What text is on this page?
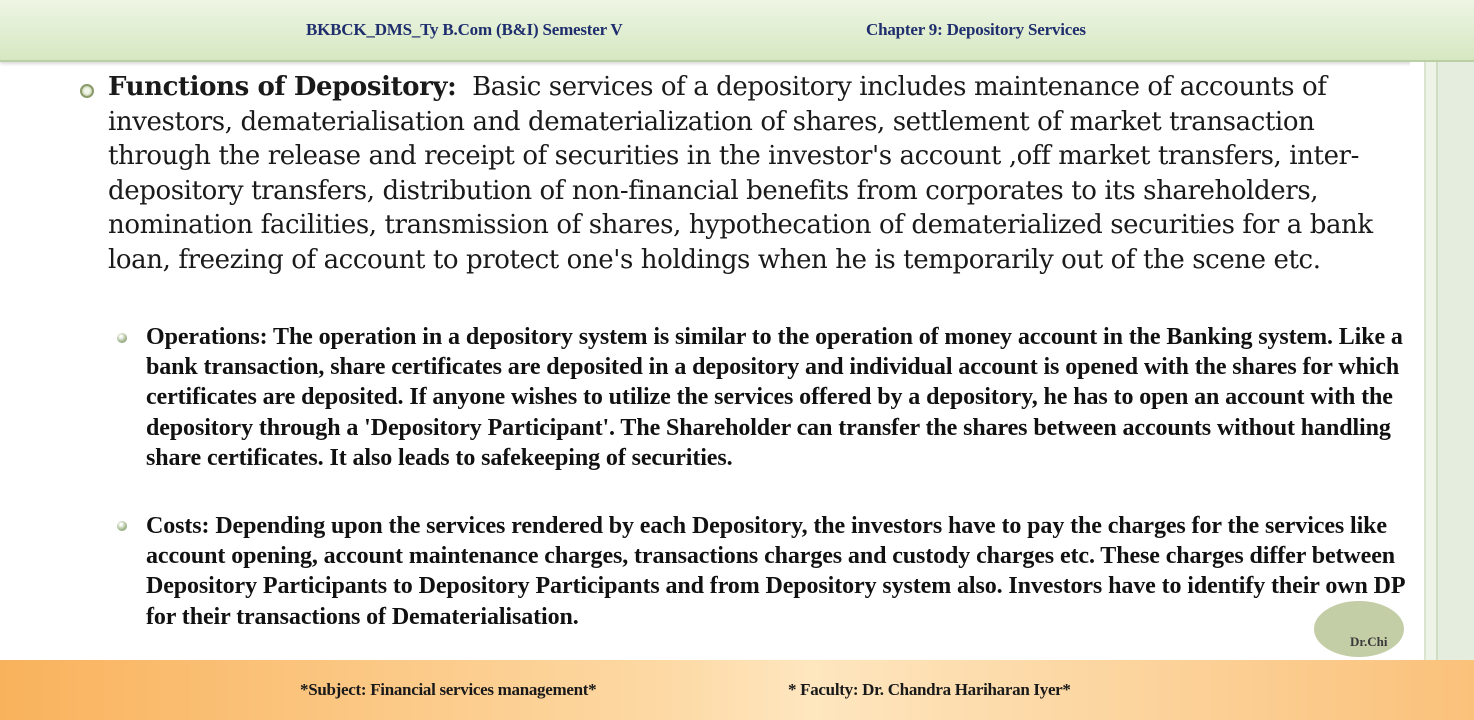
BKBCK_DMS_Ty B.Com (B&I) Semester V	Chapter 9: Depository Services
Functions of Depository: Basic services of a depository includes maintenance of accounts of investors, dematerialisation and dematerialization of shares, settlement of market transaction through the release and receipt of securities in the investor's account ,off market transfers, inter-depository transfers, distribution of non-financial benefits from corporates to its shareholders, nomination facilities, transmission of shares, hypothecation of dematerialized securities for a bank loan, freezing of account to protect one's holdings when he is temporarily out of the scene etc.
Operations: The operation in a depository system is similar to the operation of money account in the Banking system. Like a bank transaction, share certificates are deposited in a depository and individual account is opened with the shares for which certificates are deposited. If anyone wishes to utilize the services offered by a depository, he has to open an account with the depository through a 'Depository Participant'. The Shareholder can transfer the shares between accounts without handling share certificates. It also leads to safekeeping of securities.
Costs: Depending upon the services rendered by each Depository, the investors have to pay the charges for the services like account opening, account maintenance charges, transactions charges and custody charges etc. These charges differ between Depository Participants to Depository Participants and from Depository system also. Investors have to identify their own DP for their transactions of Dematerialisation.
Dr.Chi
*Subject: Financial services management*	* Faculty: Dr. Chandra Hariharan Iyer*
